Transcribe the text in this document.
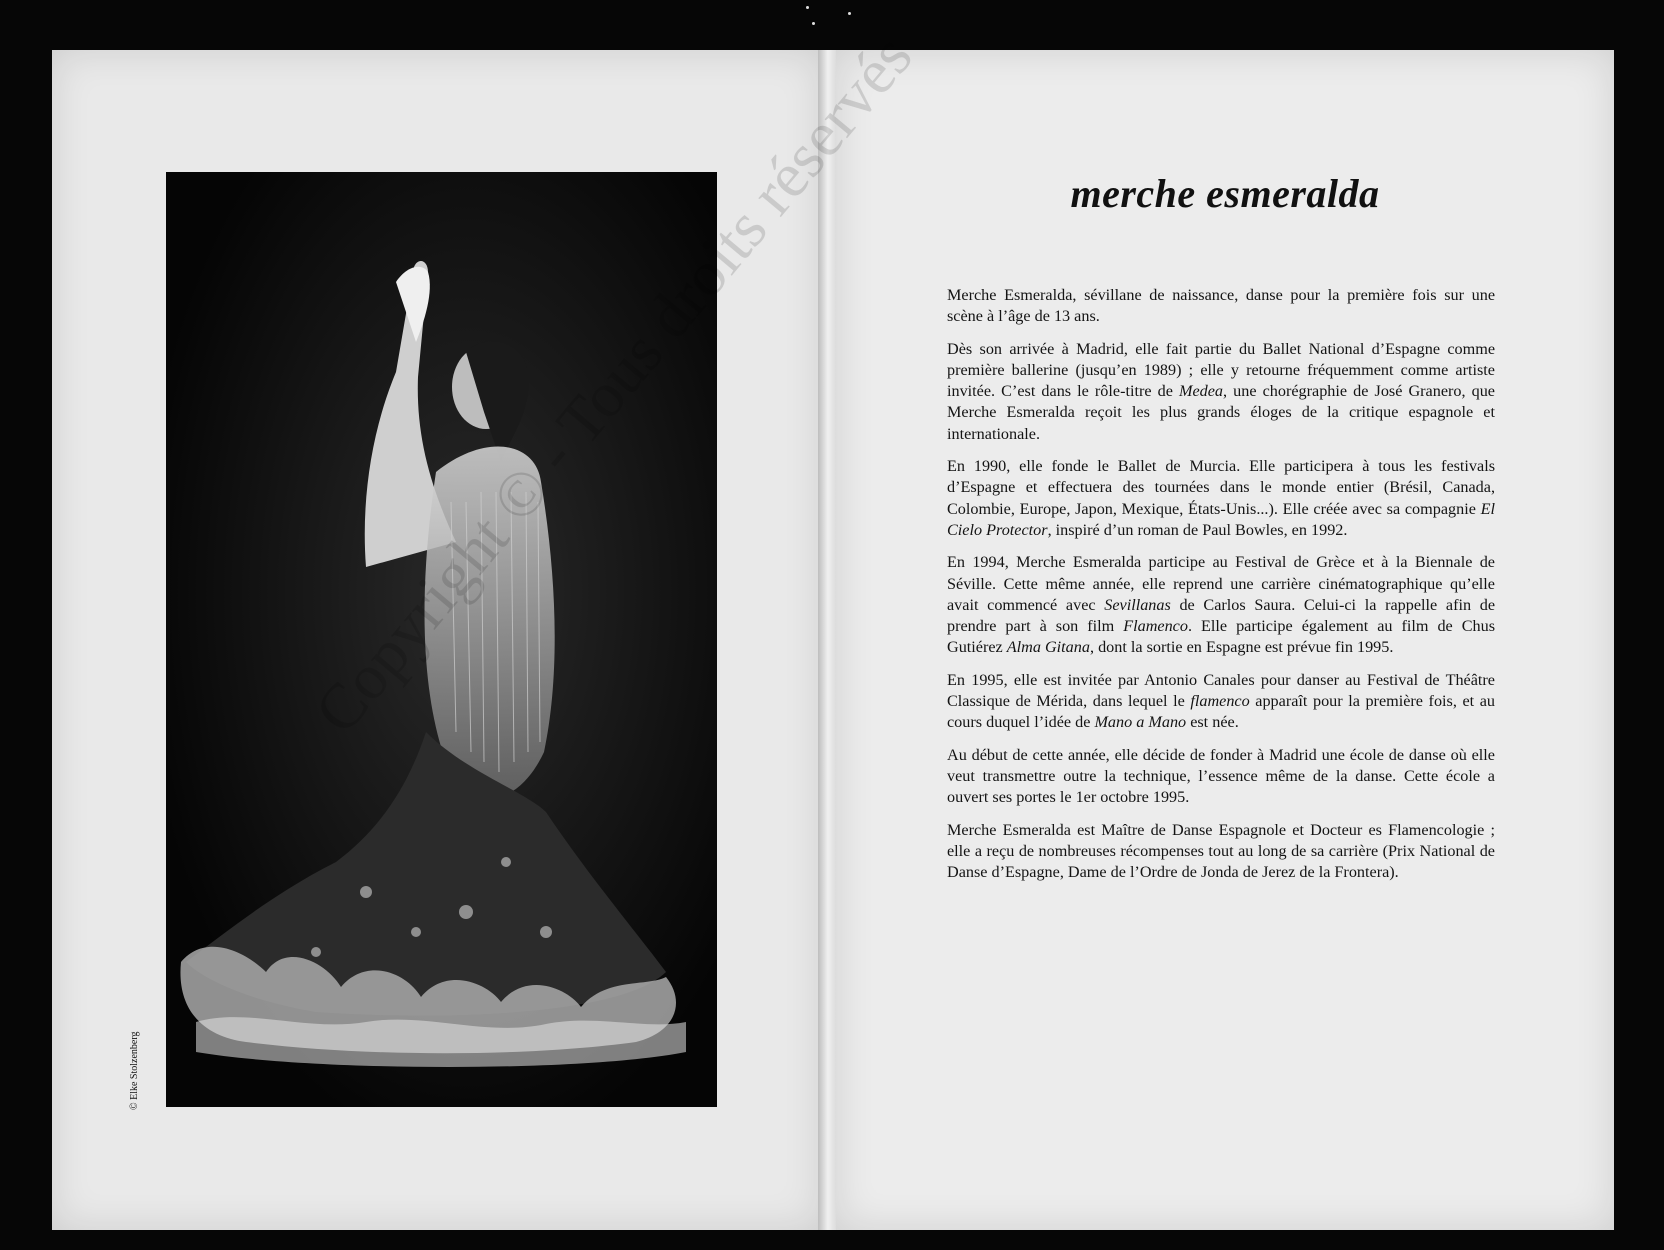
© Elke Stolzenberg
merche esmeralda

Merche Esmeralda, sévillane de naissance, danse pour la première fois sur une scène à l’âge de 13 ans.

Dès son arrivée à Madrid, elle fait partie du Ballet National d’Espagne comme première ballerine (jusqu’en 1989) ; elle y retourne fréquemment comme artiste invitée. C’est dans le rôle-titre de Medea, une chorégraphie de José Granero, que Merche Esmeralda reçoit les plus grands éloges de la critique espagnole et internationale.

En 1990, elle fonde le Ballet de Murcia. Elle participera à tous les festivals d’Espagne et effectuera des tournées dans le monde entier (Brésil, Canada, Colombie, Europe, Japon, Mexique, États-Unis...). Elle créée avec sa compagnie El Cielo Protector, inspiré d’un roman de Paul Bowles, en 1992.

En 1994, Merche Esmeralda participe au Festival de Grèce et à la Biennale de Séville. Cette même année, elle reprend une carrière cinématographique qu’elle avait commencé avec Sevillanas de Carlos Saura. Celui-ci la rappelle afin de prendre part à son film Flamenco. Elle participe également au film de Chus Gutiérez Alma Gitana, dont la sortie en Espagne est prévue fin 1995.

En 1995, elle est invitée par Antonio Canales pour danser au Festival de Théâtre Classique de Mérida, dans lequel le flamenco apparaît pour la première fois, et au cours duquel l’idée de Mano a Mano est née.

Au début de cette année, elle décide de fonder à Madrid une école de danse où elle veut transmettre outre la technique, l’essence même de la danse. Cette école a ouvert ses portes le 1er octobre 1995.

Merche Esmeralda est Maître de Danse Espagnole et Docteur es Flamencologie ; elle a reçu de nombreuses récompenses tout au long de sa carrière (Prix National de Danse d’Espagne, Dame de l’Ordre de Jonda de Jerez de la Frontera).
